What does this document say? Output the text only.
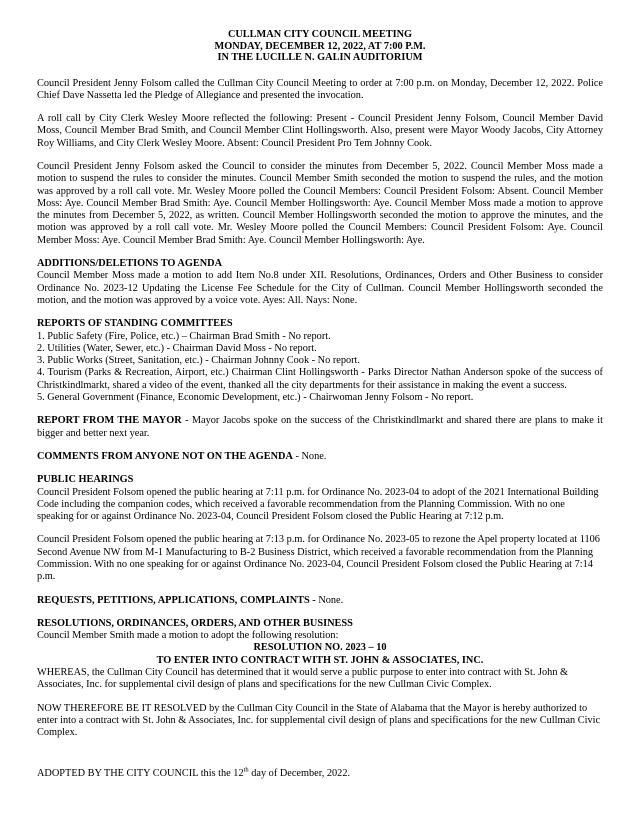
CULLMAN CITY COUNCIL MEETING
MONDAY, DECEMBER 12, 2022, AT 7:00 P.M.
IN THE LUCILLE N. GALIN AUDITORIUM

Council President Jenny Folsom called the Cullman City Council Meeting to order at 7:00 p.m. on Monday, December 12, 2022. Police Chief Dave Nassetta led the Pledge of Allegiance and presented the invocation.

A roll call by City Clerk Wesley Moore reflected the following: Present - Council President Jenny Folsom, Council Member David Moss, Council Member Brad Smith, and Council Member Clint Hollingsworth. Also, present were Mayor Woody Jacobs, City Attorney Roy Williams, and City Clerk Wesley Moore. Absent: Council President Pro Tem Johnny Cook.

Council President Jenny Folsom asked the Council to consider the minutes from December 5, 2022. Council Member Moss made a motion to suspend the rules to consider the minutes. Council Member Smith seconded the motion to suspend the rules, and the motion was approved by a roll call vote. Mr. Wesley Moore polled the Council Members: Council President Folsom: Absent. Council Member Moss: Aye. Council Member Brad Smith: Aye. Council Member Hollingsworth: Aye. Council Member Moss made a motion to approve the minutes from December 5, 2022, as written. Council Member Hollingsworth seconded the motion to approve the minutes, and the motion was approved by a roll call vote. Mr. Wesley Moore polled the Council Members: Council President Folsom: Aye. Council Member Moss: Aye. Council Member Brad Smith: Aye. Council Member Hollingsworth: Aye.

ADDITIONS/DELETIONS TO AGENDA

Council Member Moss made a motion to add Item No.8 under XII. Resolutions, Ordinances, Orders and Other Business to consider Ordinance No. 2023-12 Updating the License Fee Schedule for the City of Cullman. Council Member Hollingsworth seconded the motion, and the motion was approved by a voice vote. Ayes: All. Nays: None.

REPORTS OF STANDING COMMITTEES

1. Public Safety (Fire, Police, etc.) – Chairman Brad Smith - No report.

2. Utilities (Water, Sewer, etc.) - Chairman David Moss - No report.

3. Public Works (Street, Sanitation, etc.) - Chairman Johnny Cook - No report.

4. Tourism (Parks & Recreation, Airport, etc.) Chairman Clint Hollingsworth - Parks Director Nathan Anderson spoke of the success of Christkindlmarkt, shared a video of the event, thanked all the city departments for their assistance in making the event a success.

5. General Government (Finance, Economic Development, etc.) - Chairwoman Jenny Folsom - No report.

REPORT FROM THE MAYOR - Mayor Jacobs spoke on the success of the Christkindlmarkt and shared there are plans to make it bigger and better next year.

COMMENTS FROM ANYONE NOT ON THE AGENDA - None.

PUBLIC HEARINGS

Council President Folsom opened the public hearing at 7:11 p.m. for Ordinance No. 2023-04 to adopt of the 2021 International Building Code including the companion codes, which received a favorable recommendation from the Planning Commission. With no one speaking for or against Ordinance No. 2023-04, Council President Folsom closed the Public Hearing at 7:12 p.m.

Council President Folsom opened the public hearing at 7:13 p.m. for Ordinance No. 2023-05 to rezone the Apel property located at 1106 Second Avenue NW from M-1 Manufacturing to B-2 Business District, which received a favorable recommendation from the Planning Commission. With no one speaking for or against Ordinance No. 2023-04, Council President Folsom closed the Public Hearing at 7:14 p.m.

REQUESTS, PETITIONS, APPLICATIONS, COMPLAINTS - None.

RESOLUTIONS, ORDINANCES, ORDERS, AND OTHER BUSINESS

Council Member Smith made a motion to adopt the following resolution:

RESOLUTION NO. 2023 – 10

TO ENTER INTO CONTRACT WITH ST. JOHN & ASSOCIATES, INC.

WHEREAS, the Cullman City Council has determined that it would serve a public purpose to enter into contract with St. John & Associates, Inc. for supplemental civil design of plans and specifications for the new Cullman Civic Complex.

NOW THEREFORE BE IT RESOLVED by the Cullman City Council in the State of Alabama that the Mayor is hereby authorized to enter into a contract with St. John & Associates, Inc. for supplemental civil design of plans and specifications for the new Cullman Civic Complex.

ADOPTED BY THE CITY COUNCIL this the 12th day of December, 2022.
